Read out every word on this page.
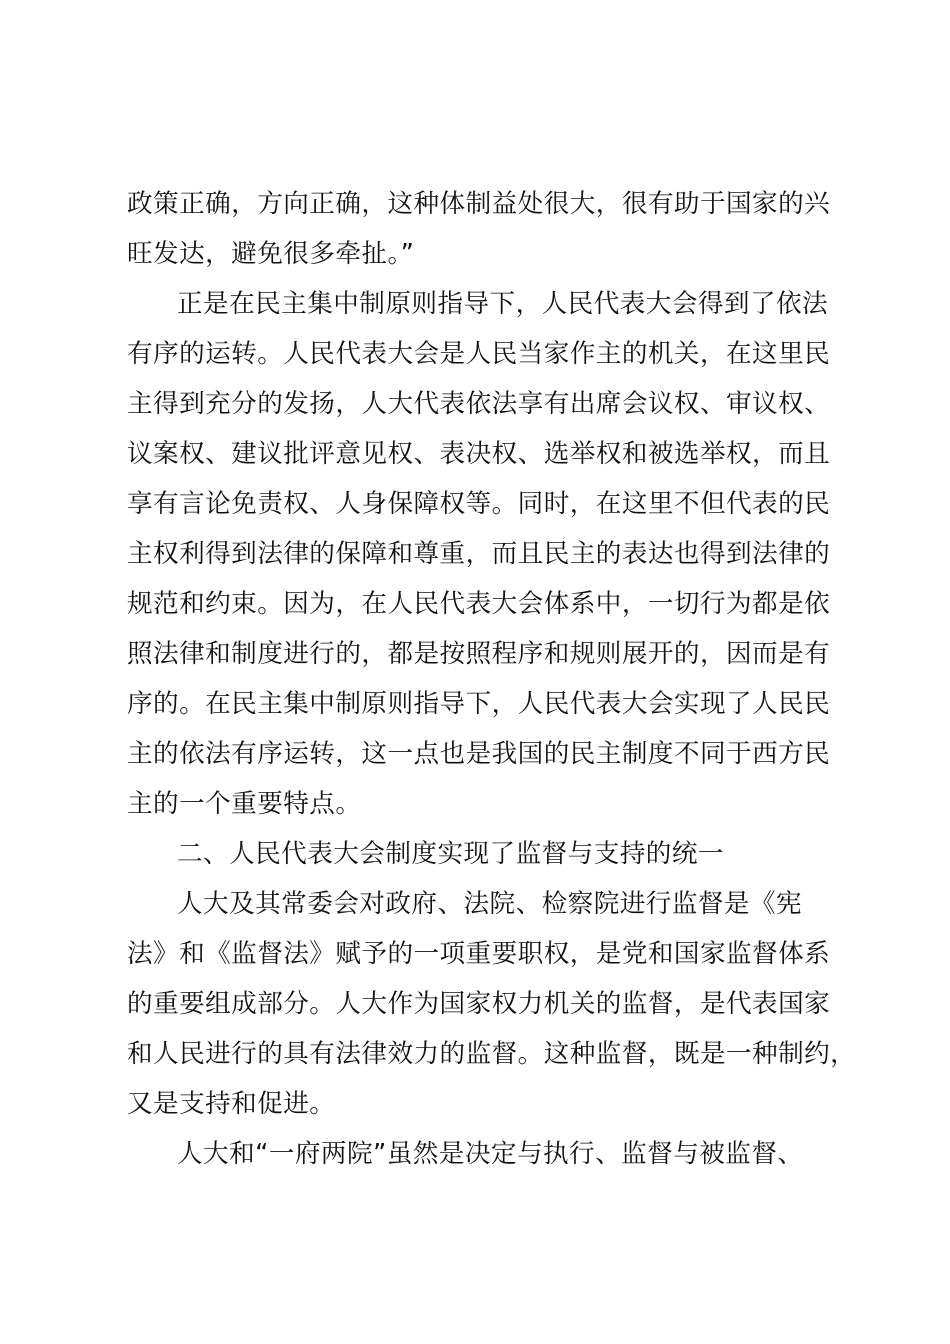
政策正确，方向正确，这种体制益处很大，很有助于国家的兴
旺发达，避免很多牵扯。”
正是在民主集中制原则指导下，人民代表大会得到了依法
有序的运转。人民代表大会是人民当家作主的机关，在这里民
主得到充分的发扬，人大代表依法享有出席会议权、审议权、
议案权、建议批评意见权、表决权、选举权和被选举权，而且
享有言论免责权、人身保障权等。同时，在这里不但代表的民
主权利得到法律的保障和尊重，而且民主的表达也得到法律的
规范和约束。因为，在人民代表大会体系中，一切行为都是依
照法律和制度进行的，都是按照程序和规则展开的，因而是有
序的。在民主集中制原则指导下，人民代表大会实现了人民民
主的依法有序运转，这一点也是我国的民主制度不同于西方民
主的一个重要特点。
二、人民代表大会制度实现了监督与支持的统一
人大及其常委会对政府、法院、检察院进行监督是《宪
法》和《监督法》赋予的一项重要职权，是党和国家监督体系
的重要组成部分。人大作为国家权力机关的监督，是代表国家
和人民进行的具有法律效力的监督。这种监督，既是一种制约，
又是支持和促进。
人大和“一府两院”虽然是决定与执行、监督与被监督、
